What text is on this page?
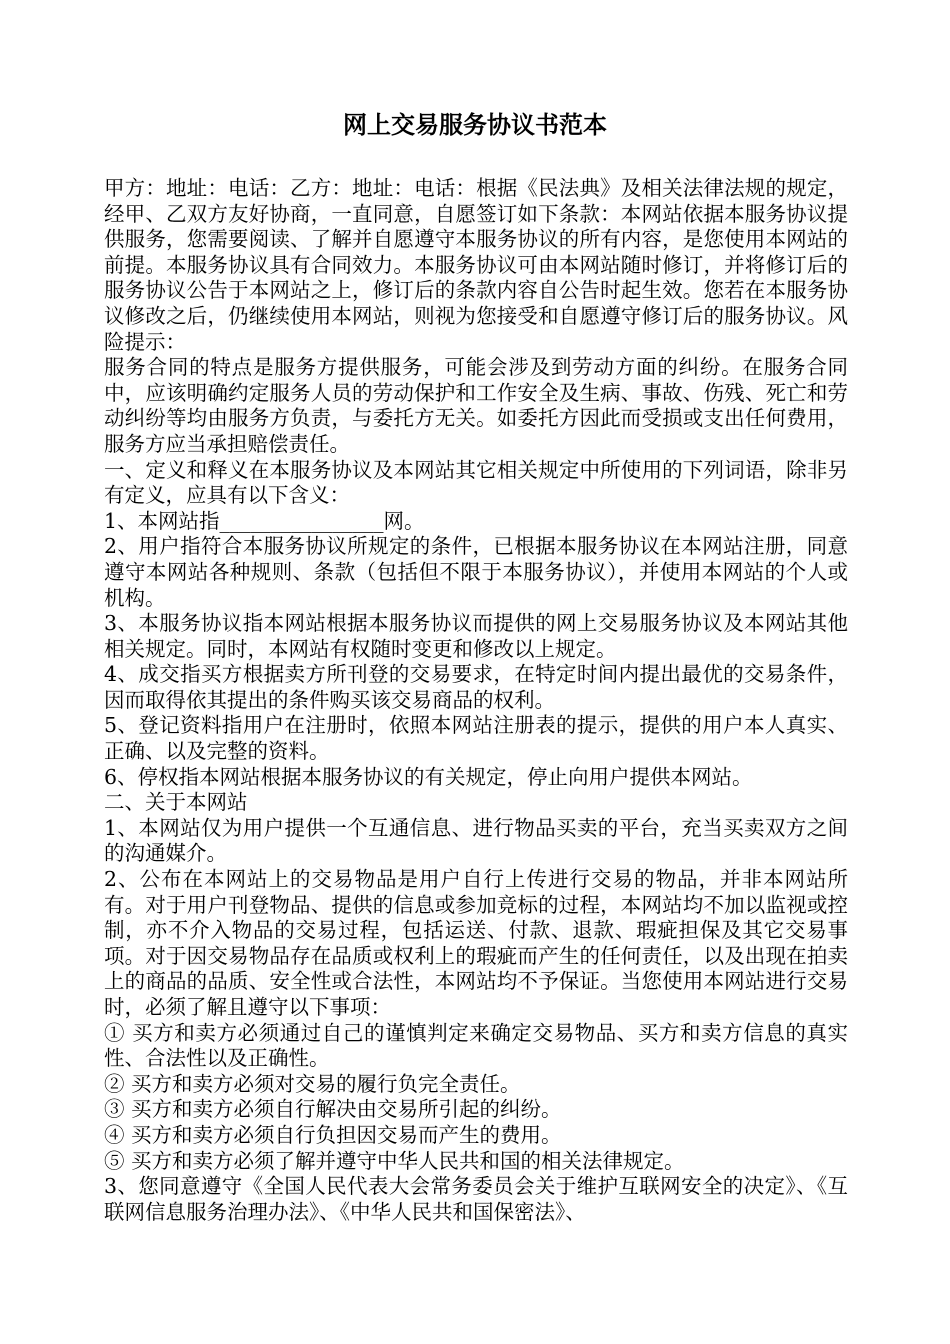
网上交易服务协议书范本

甲方：地址：电话：乙方：地址：电话：根据《民法典》及相关法律法规的规定，经甲、乙双方友好协商，一直同意，自愿签订如下条款：本网站依据本服务协议提供服务，您需要阅读、了解并自愿遵守本服务协议的所有内容，是您使用本网站的前提。本服务协议具有合同效力。本服务协议可由本网站随时修订，并将修订后的服务协议公告于本网站之上，修订后的条款内容自公告时起生效。您若在本服务协议修改之后，仍继续使用本网站，则视为您接受和自愿遵守修订后的服务协议。风险提示：

服务合同的特点是服务方提供服务，可能会涉及到劳动方面的纠纷。在服务合同中，应该明确约定服务人员的劳动保护和工作安全及生病、事故、伤残、死亡和劳动纠纷等均由服务方负责，与委托方无关。如委托方因此而受损或支出任何费用，服务方应当承担赔偿责任。

一、定义和释义在本服务协议及本网站其它相关规定中所使用的下列词语，除非另有定义，应具有以下含义：

1、本网站指________________网。

2、用户指符合本服务协议所规定的条件，已根据本服务协议在本网站注册，同意遵守本网站各种规则、条款（包括但不限于本服务协议），并使用本网站的个人或机构。

3、本服务协议指本网站根据本服务协议而提供的网上交易服务协议及本网站其他相关规定。同时，本网站有权随时变更和修改以上规定。

4、成交指买方根据卖方所刊登的交易要求，在特定时间内提出最优的交易条件，因而取得依其提出的条件购买该交易商品的权利。

5、登记资料指用户在注册时，依照本网站注册表的提示，提供的用户本人真实、正确、以及完整的资料。

6、停权指本网站根据本服务协议的有关规定，停止向用户提供本网站。

二、关于本网站

1、本网站仅为用户提供一个互通信息、进行物品买卖的平台，充当买卖双方之间的沟通媒介。

2、公布在本网站上的交易物品是用户自行上传进行交易的物品，并非本网站所有。对于用户刊登物品、提供的信息或参加竞标的过程，本网站均不加以监视或控制，亦不介入物品的交易过程，包括运送、付款、退款、瑕疵担保及其它交易事项。对于因交易物品存在品质或权利上的瑕疵而产生的任何责任，以及出现在拍卖上的商品的品质、安全性或合法性，本网站均不予保证。当您使用本网站进行交易时，必须了解且遵守以下事项：

① 买方和卖方必须通过自己的谨慎判定来确定交易物品、买方和卖方信息的真实性、合法性以及正确性。

② 买方和卖方必须对交易的履行负完全责任。

③ 买方和卖方必须自行解决由交易所引起的纠纷。

④ 买方和卖方必须自行负担因交易而产生的费用。

⑤ 买方和卖方必须了解并遵守中华人民共和国的相关法律规定。

3、您同意遵守《全国人民代表大会常务委员会关于维护互联网安全的决定》、《互联网信息服务治理办法》、《中华人民共和国保密法》、
